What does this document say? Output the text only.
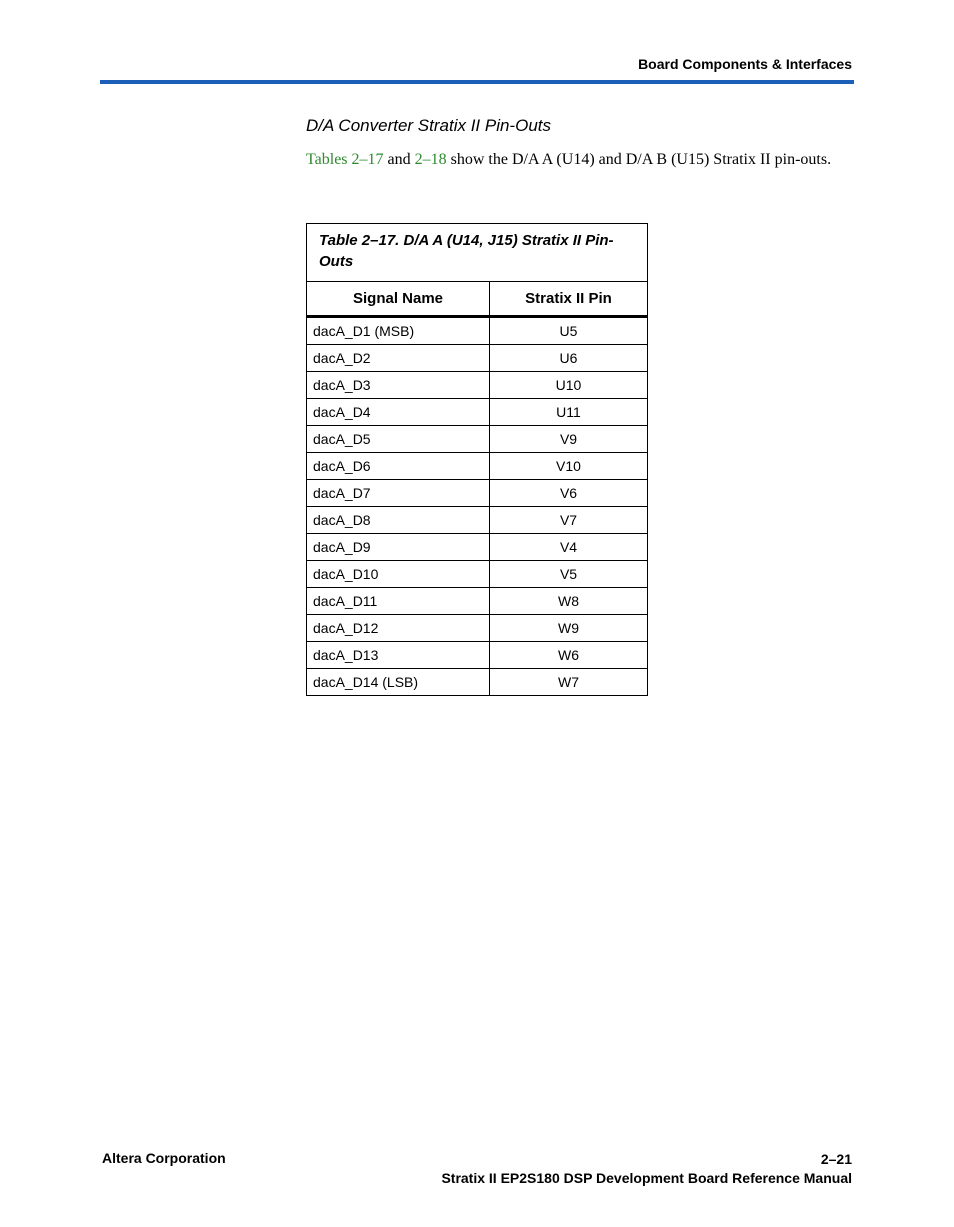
Board Components & Interfaces
D/A Converter Stratix II Pin-Outs
Tables 2–17 and 2–18 show the D/A A (U14) and D/A B (U15) Stratix II pin-outs.
Table 2–17. D/A A (U14, J15) Stratix II Pin-Outs	
Signal Name	Stratix II Pin
dacA_D1 (MSB)	U5
dacA_D2	U6
dacA_D3	U10
dacA_D4	U11
dacA_D5	V9
dacA_D6	V10
dacA_D7	V6
dacA_D8	V7
dacA_D9	V4
dacA_D10	V5
dacA_D11	W8
dacA_D12	W9
dacA_D13	W6
dacA_D14 (LSB)	W7
Altera Corporation	2–21
Stratix II EP2S180 DSP Development Board Reference Manual
